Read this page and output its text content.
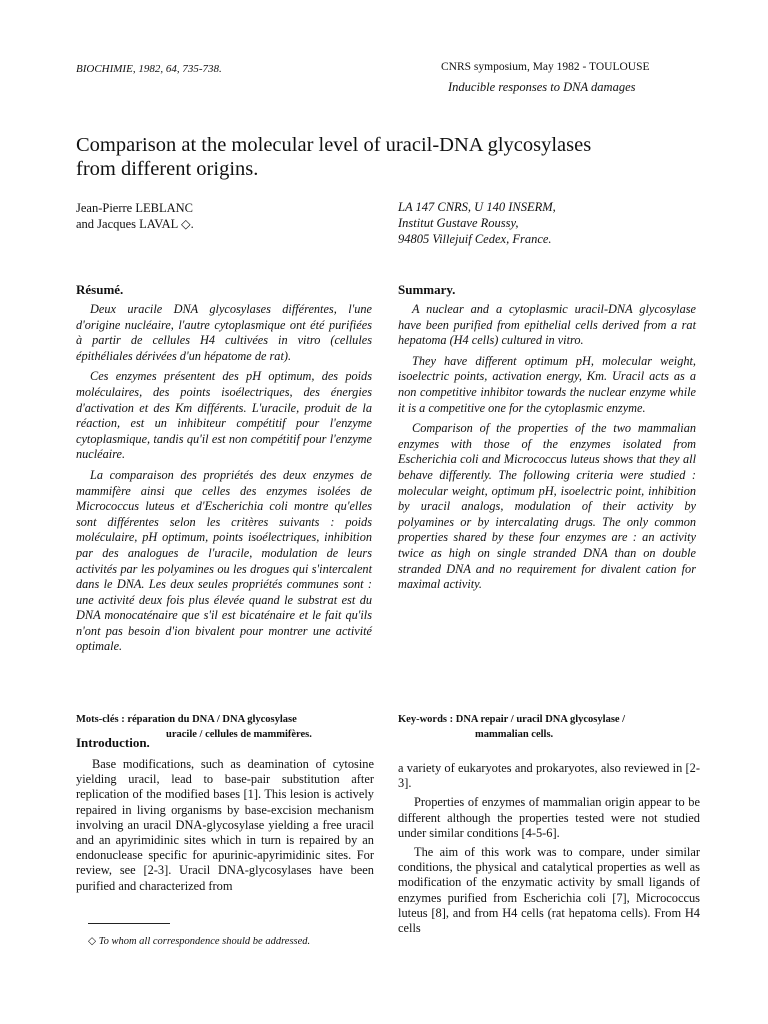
BIOCHIMIE, 1982, 64, 735-738.	CNRS symposium, May 1982 - TOULOUSE
Inducible responses to DNA damages
Comparison at the molecular level of uracil-DNA glycosylases from different origins.
Jean-Pierre LEBLANC
and Jacques LAVAL ◇.
LA 147 CNRS, U 140 INSERM,
Institut Gustave Roussy,
94805 Villejuif Cedex, France.
Résumé.

Deux uracile DNA glycosylases différentes, l'une d'origine nucléaire, l'autre cytoplasmique ont été purifiées à partir de cellules H4 cultivées in vitro (cellules épithéliales dérivées d'un hépatome de rat).

Ces enzymes présentent des pH optimum, des poids moléculaires, des points isoélectriques, des énergies d'activation et des Km différents. L'uracile, produit de la réaction, est un inhibiteur compétitif pour l'enzyme cytoplasmique, tandis qu'il est non compétitif pour l'enzyme nucléaire.

La comparaison des propriétés des deux enzymes de mammifère ainsi que celles des enzymes isolées de Micrococcus luteus et d'Escherichia coli montre qu'elles sont différentes selon les critères suivants : poids moléculaire, pH optimum, points isoélectriques, inhibition par des analogues de l'uracile, modulation de leurs activités par les polyamines ou les drogues qui s'intercalent dans le DNA. Les deux seules propriétés communes sont : une activité deux fois plus élevée quand le substrat est du DNA monocaténaire que s'il est bicaténaire et le fait qu'ils n'ont pas besoin d'ion bivalent pour montrer une activité optimale.

Summary.

A nuclear and a cytoplasmic uracil-DNA glycosylase have been purified from epithelial cells derived from a rat hepatoma (H4 cells) cultured in vitro.

They have different optimum pH, molecular weight, isoelectric points, activation energy, Km. Uracil acts as a non competitive inhibitor towards the nuclear enzyme while it is a competitive one for the cytoplasmic enzyme.

Comparison of the properties of the two mammalian enzymes with those of the enzymes isolated from Escherichia coli and Micrococcus luteus shows that they all behave differently. The following criteria were studied : molecular weight, optimum pH, isoelectric point, inhibition by uracil analogs, modulation of their activity by polyamines or by intercalating drugs. The only common properties shared by these four enzymes are : an activity twice as high on single stranded DNA than on double stranded DNA and no requirement for divalent cation for maximal activity.

Mots-clés : réparation du DNA / DNA glycosylase
uracile / cellules de mammifères.
Key-words : DNA repair / uracil DNA glycosylase /
mammalian cells.
Introduction.

Base modifications, such as deamination of cytosine yielding uracil, lead to base-pair substitution after replication of the modified bases [1]. This lesion is actively repaired in living organisms by base-excision mechanism involving an uracil DNA-glycosylase yielding a free uracil and an apyrimidinic sites which in turn is repaired by an endonuclease specific for apurinic-apyrimidinic sites. For review, see [2-3]. Uracil DNA-glycosylases have been purified and characterized from

a variety of eukaryotes and prokaryotes, also reviewed in [2-3].

Properties of enzymes of mammalian origin appear to be different although the properties tested were not studied under similar conditions [4-5-6].

The aim of this work was to compare, under similar conditions, the physical and catalytical properties as well as modification of the enzymatic activity by small ligands of enzymes purified from Escherichia coli [7], Micrococcus luteus [8], and from H4 cells (rat hepatoma cells). From H4 cells

◇ To whom all correspondence should be addressed.
